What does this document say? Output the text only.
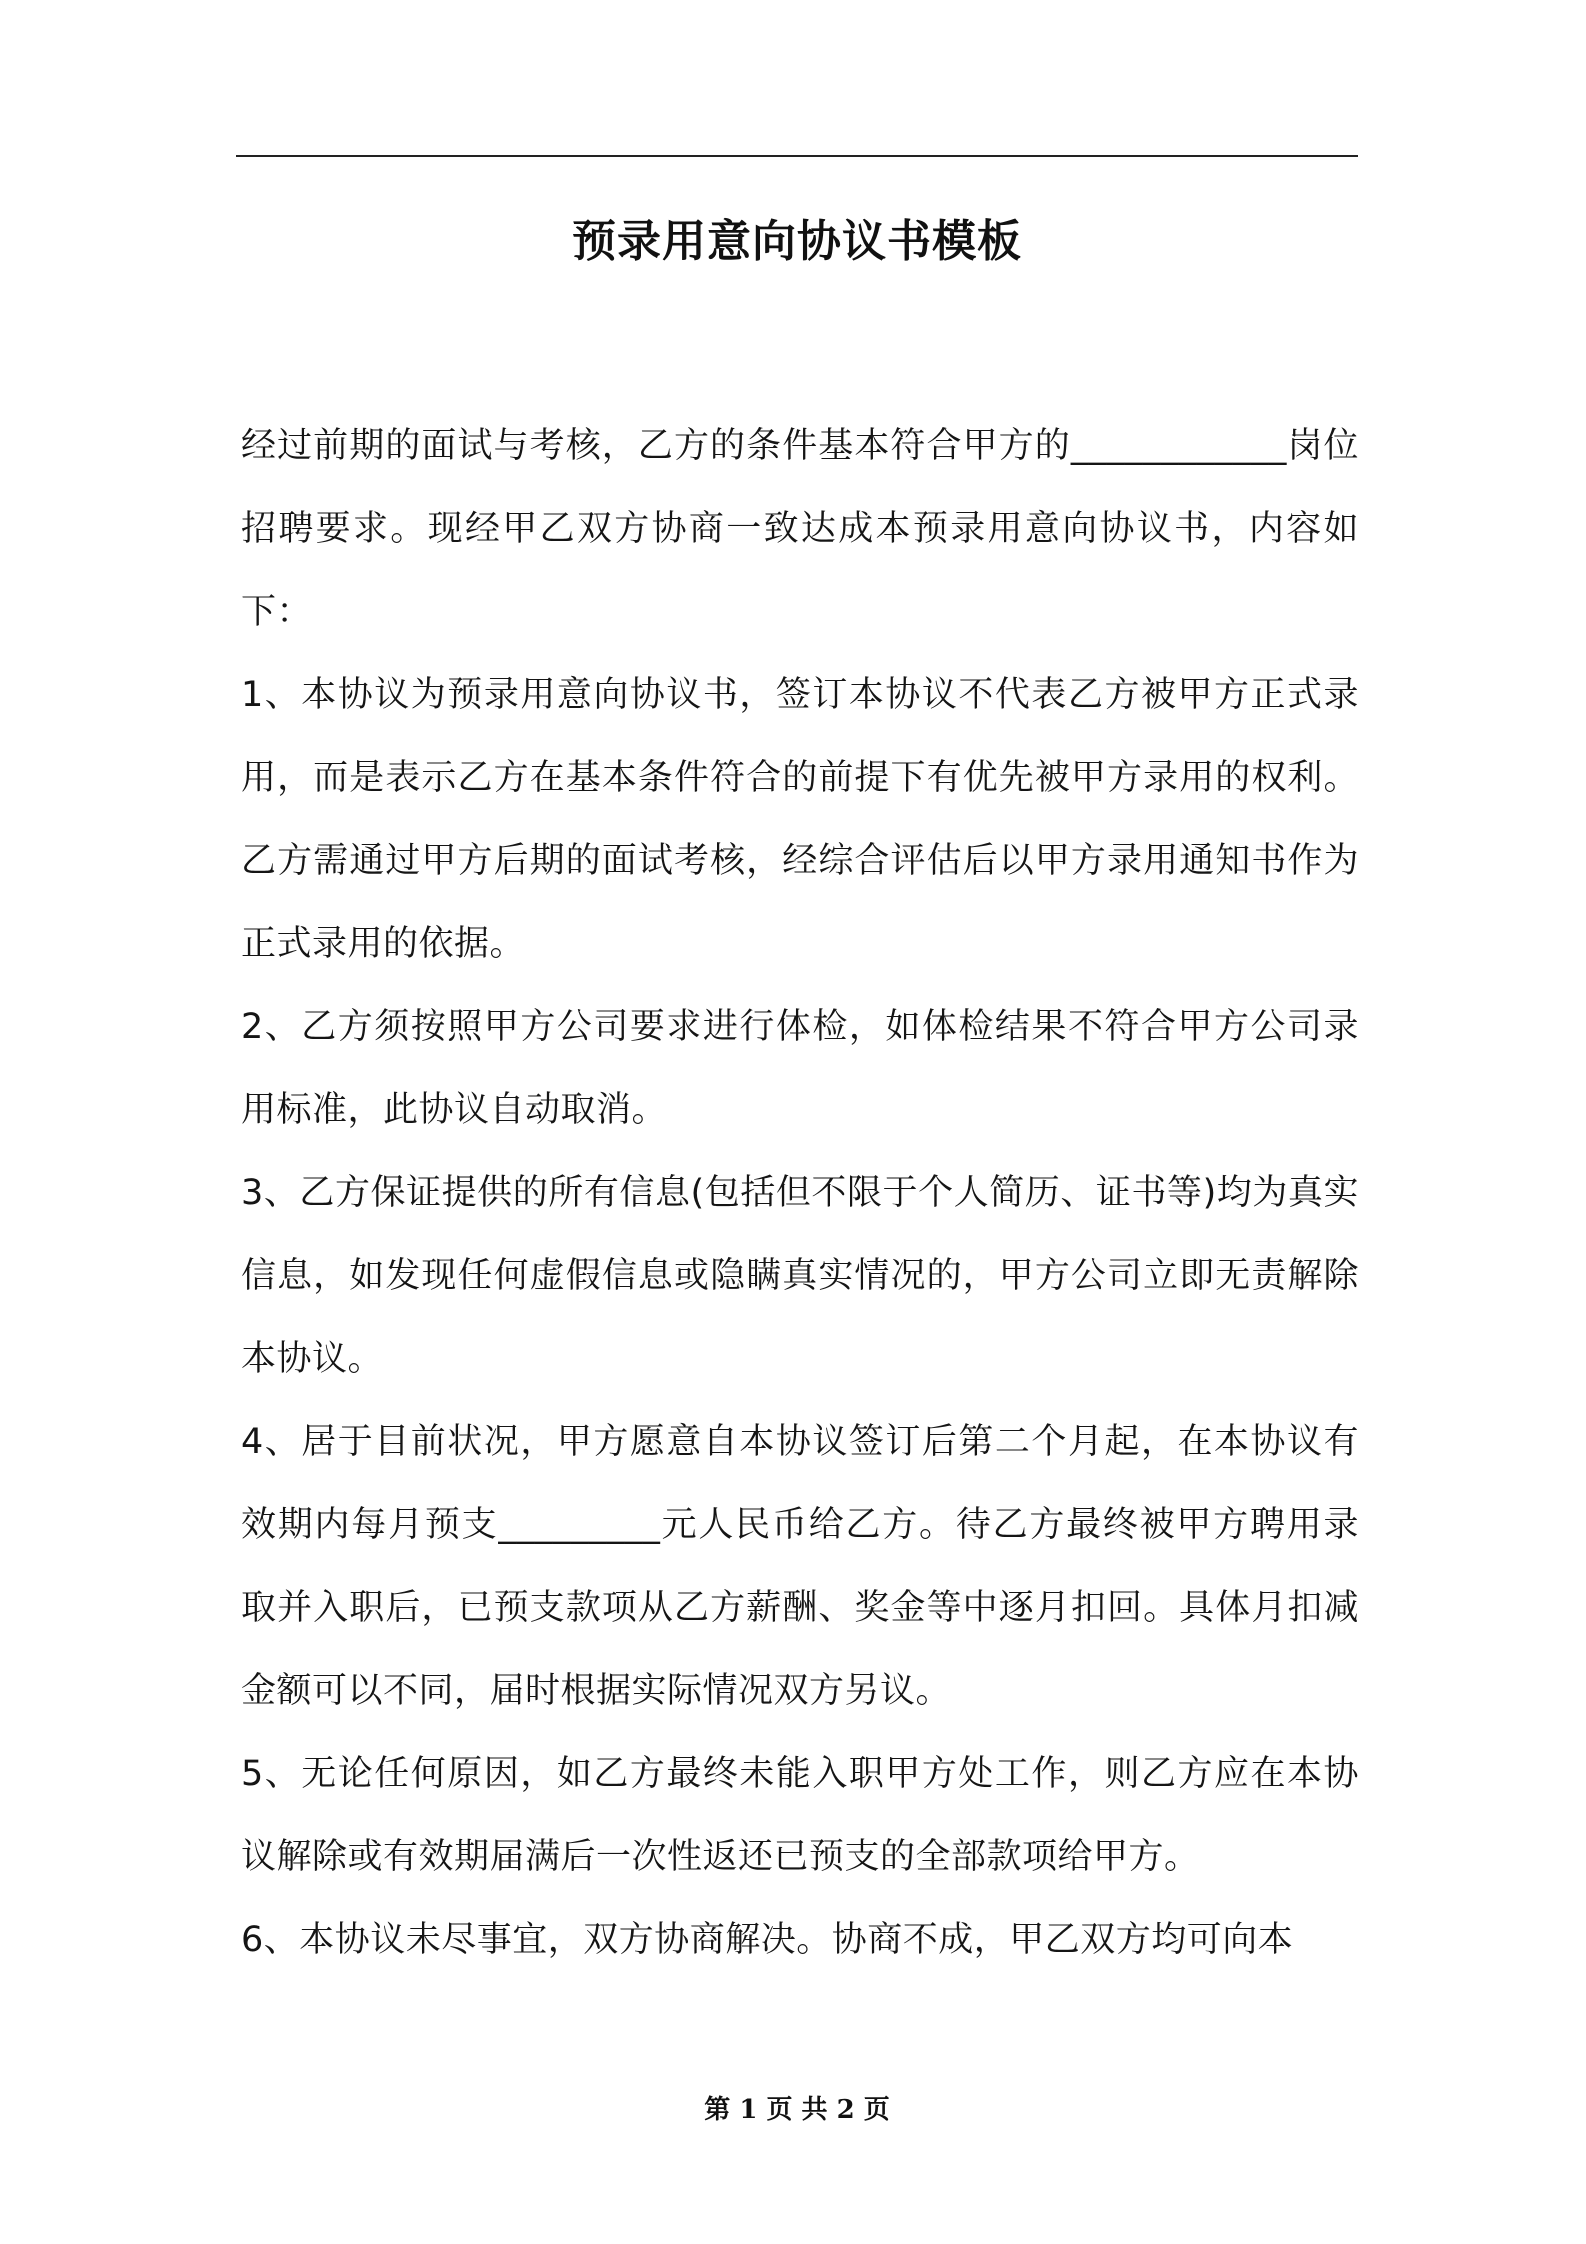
预录用意向协议书模板

经过前期的面试与考核，乙方的条件基本符合甲方的____________岗位招聘要求。现经甲乙双方协商一致达成本预录用意向协议书，内容如下：

1、本协议为预录用意向协议书，签订本协议不代表乙方被甲方正式录用，而是表示乙方在基本条件符合的前提下有优先被甲方录用的权利。乙方需通过甲方后期的面试考核，经综合评估后以甲方录用通知书作为正式录用的依据。

2、乙方须按照甲方公司要求进行体检，如体检结果不符合甲方公司录用标准，此协议自动取消。

3、乙方保证提供的所有信息(包括但不限于个人简历、证书等)均为真实信息，如发现任何虚假信息或隐瞒真实情况的，甲方公司立即无责解除本协议。

4、居于目前状况，甲方愿意自本协议签订后第二个月起，在本协议有效期内每月预支_________元人民币给乙方。待乙方最终被甲方聘用录取并入职后，已预支款项从乙方薪酬、奖金等中逐月扣回。具体月扣减金额可以不同，届时根据实际情况双方另议。

5、无论任何原因，如乙方最终未能入职甲方处工作，则乙方应在本协议解除或有效期届满后一次性返还已预支的全部款项给甲方。

6、本协议未尽事宜，双方协商解决。协商不成，甲乙双方均可向本

第 1 页 共 2 页
